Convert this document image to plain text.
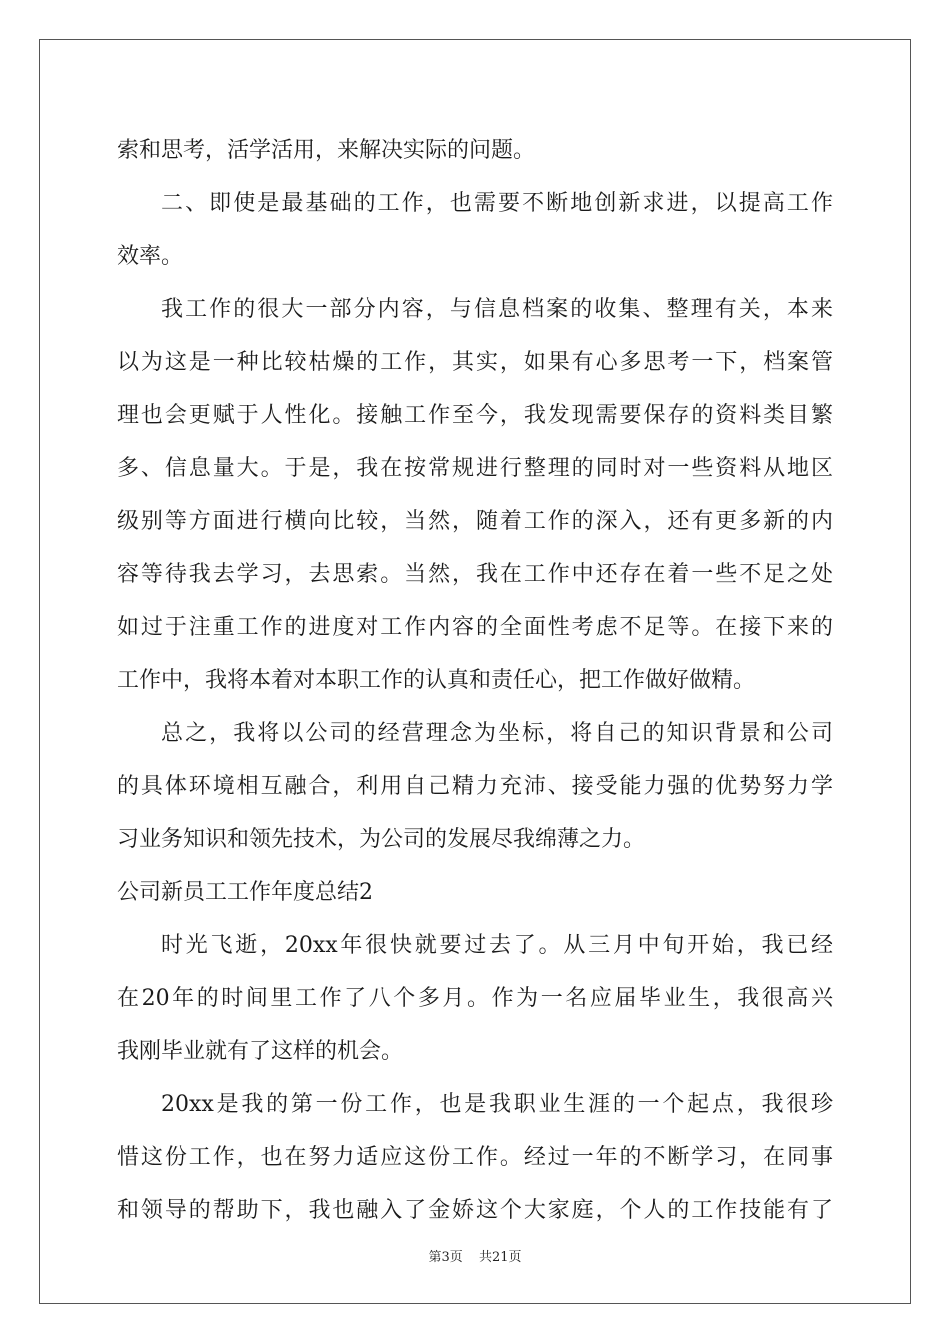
索和思考，活学活用，来解决实际的问题。
二、即使是最基础的工作，也需要不断地创新求进，以提高工作
效率。
我工作的很大一部分内容，与信息档案的收集、整理有关，本来
以为这是一种比较枯燥的工作，其实，如果有心多思考一下，档案管
理也会更赋于人性化。接触工作至今，我发现需要保存的资料类目繁
多、信息量大。于是，我在按常规进行整理的同时对一些资料从地区
级别等方面进行横向比较，当然，随着工作的深入，还有更多新的内
容等待我去学习，去思索。当然，我在工作中还存在着一些不足之处
如过于注重工作的进度对工作内容的全面性考虑不足等。在接下来的
工作中，我将本着对本职工作的认真和责任心，把工作做好做精。
总之，我将以公司的经营理念为坐标，将自己的知识背景和公司
的具体环境相互融合，利用自己精力充沛、接受能力强的优势努力学
习业务知识和领先技术，为公司的发展尽我绵薄之力。
公司新员工工作年度总结2
时光飞逝，20xx年很快就要过去了。从三月中旬开始，我已经
在20年的时间里工作了八个多月。作为一名应届毕业生，我很高兴
我刚毕业就有了这样的机会。
20xx是我的第一份工作，也是我职业生涯的一个起点，我很珍
惜这份工作，也在努力适应这份工作。经过一年的不断学习，在同事
和领导的帮助下，我也融入了金娇这个大家庭，个人的工作技能有了
第3页 共21页
